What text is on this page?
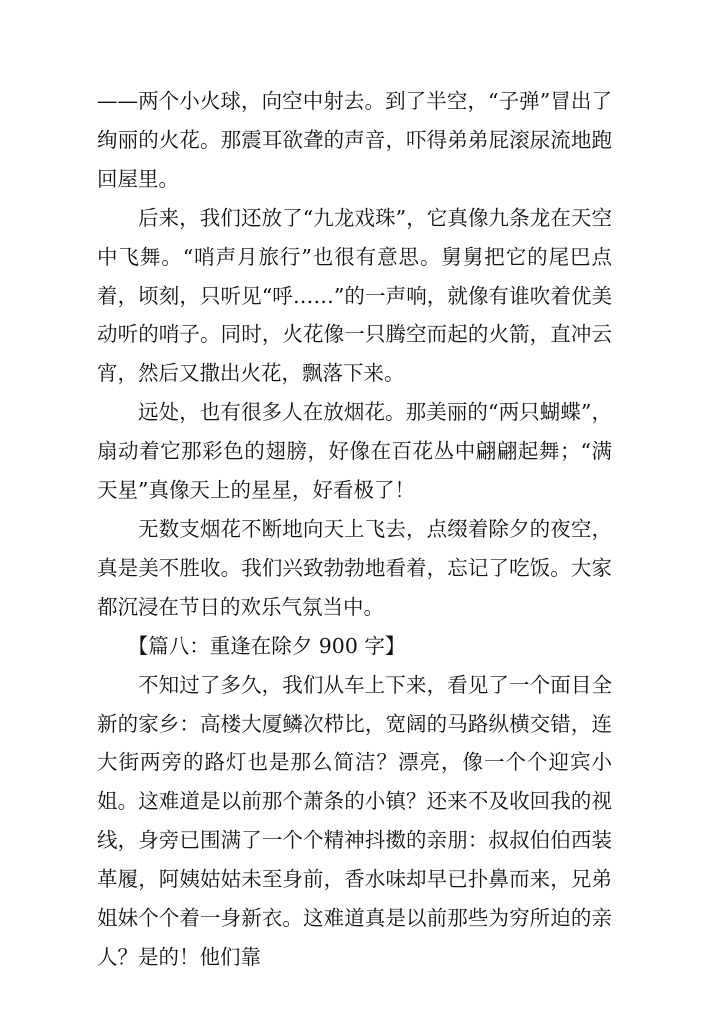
——两个小火球，向空中射去。到了半空，“子弹”冒出了绚丽的火花。那震耳欲聋的声音，吓得弟弟屁滚尿流地跑回屋里。

后来，我们还放了“九龙戏珠”，它真像九条龙在天空中飞舞。“哨声月旅行”也很有意思。舅舅把它的尾巴点着，顷刻，只听见“呼……”的一声响，就像有谁吹着优美动听的哨子。同时，火花像一只腾空而起的火箭，直冲云宵，然后又撒出火花，飘落下来。

远处，也有很多人在放烟花。那美丽的“两只蝴蝶”，扇动着它那彩色的翅膀，好像在百花丛中翩翩起舞；“满天星”真像天上的星星，好看极了！

无数支烟花不断地向天上飞去，点缀着除夕的夜空，真是美不胜收。我们兴致勃勃地看着，忘记了吃饭。大家都沉浸在节日的欢乐气氛当中。

【篇八：重逢在除夕 900 字】

不知过了多久，我们从车上下来，看见了一个面目全新的家乡：高楼大厦鳞次栉比，宽阔的马路纵横交错，连大街两旁的路灯也是那么简洁？漂亮，像一个个迎宾小姐。这难道是以前那个萧条的小镇？还来不及收回我的视线，身旁已围满了一个个精神抖擞的亲朋：叔叔伯伯西装革履，阿姨姑姑未至身前，香水味却早已扑鼻而来，兄弟姐妹个个着一身新衣。这难道真是以前那些为穷所迫的亲人？是的！他们靠
